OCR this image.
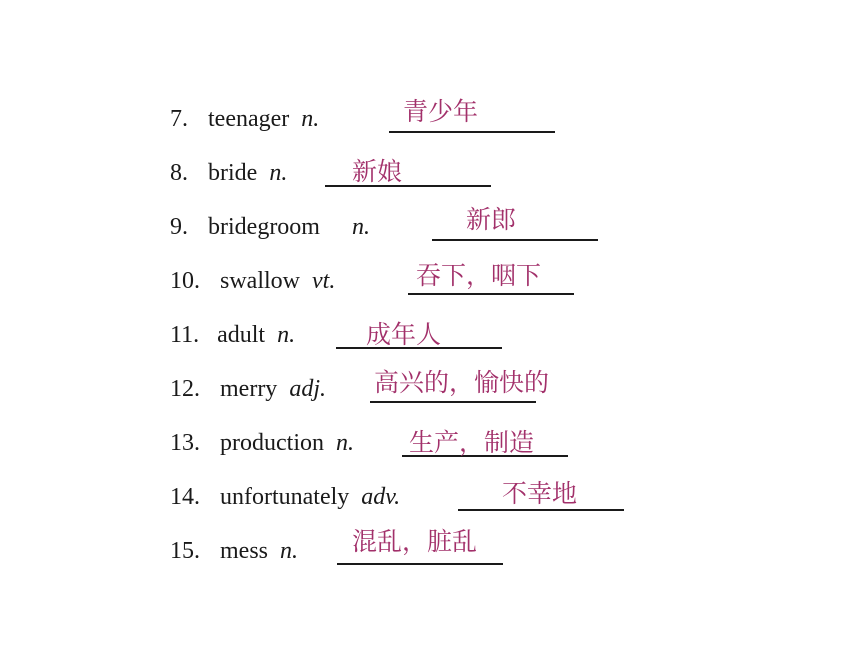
7. teenager n.	青少年
8. bride n.	新娘
9. bridegroom n.	新郎
10. swallow vt.	吞下，咽下
11. adult n.	成年人
12. merry adj. 高兴的，愉快的
13. production n. 生产，制造
14. unfortunately adv.	不幸地
15. mess n. 混乱，脏乱
